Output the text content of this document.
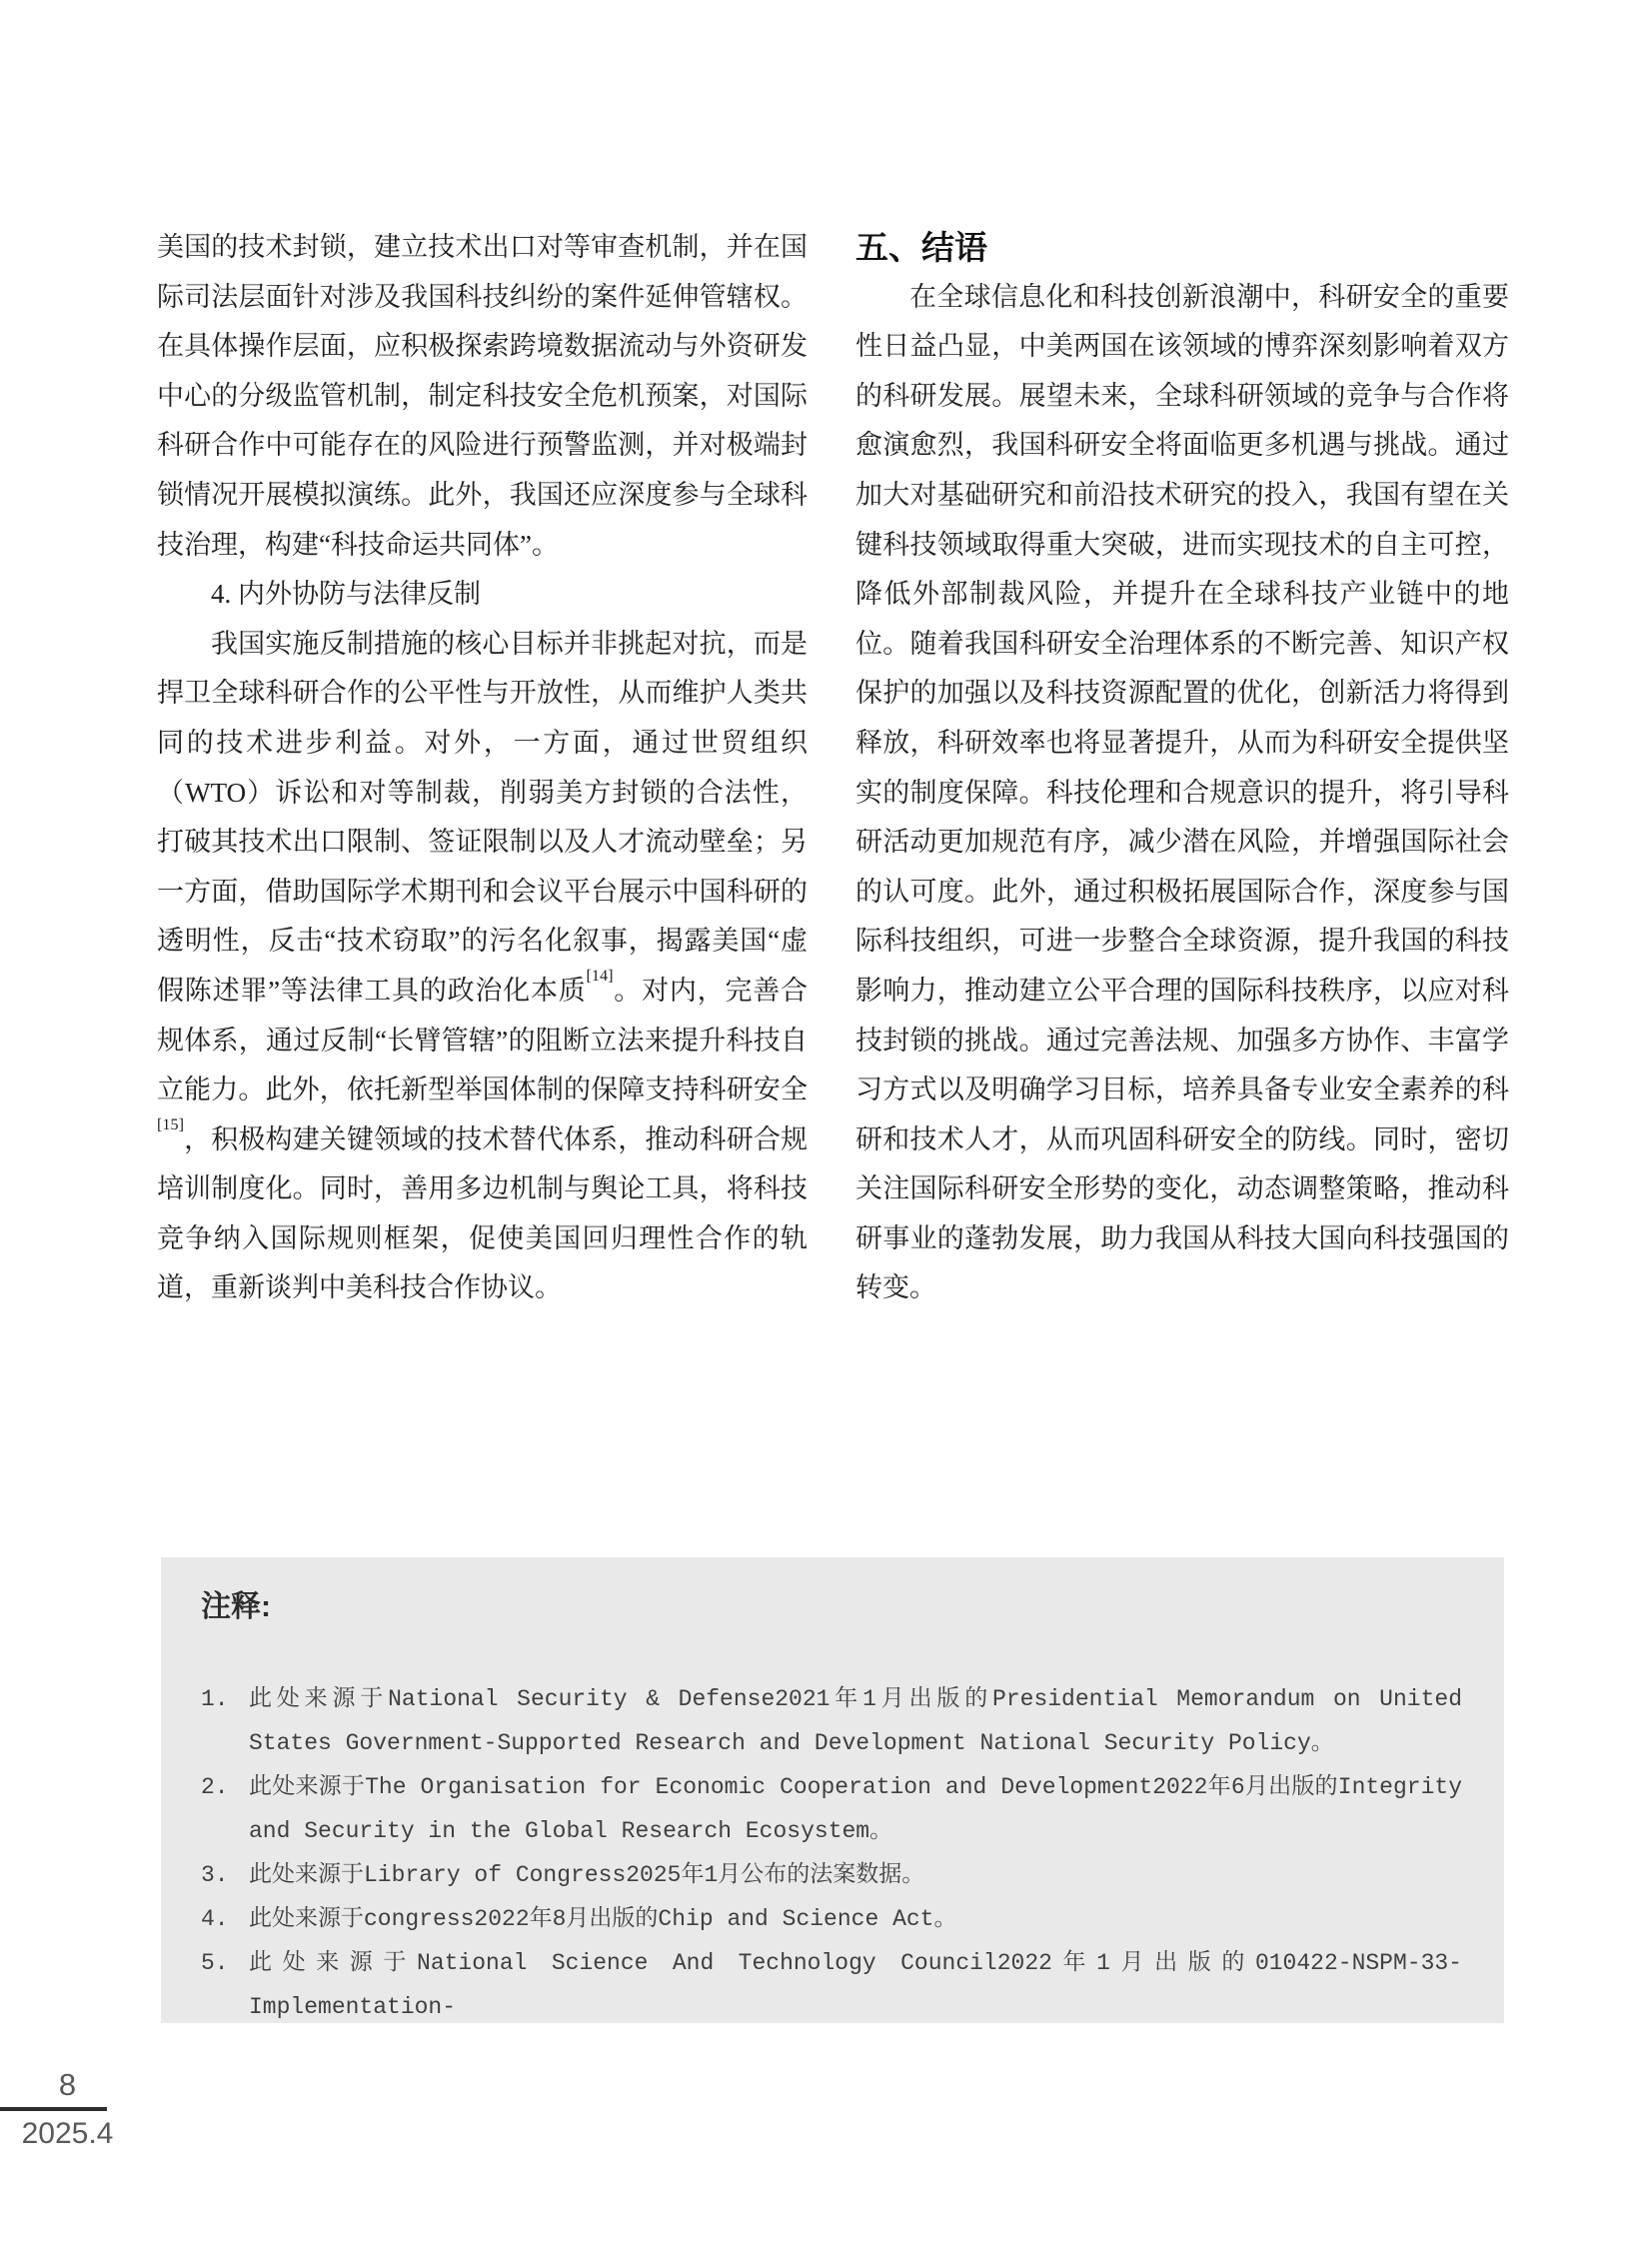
美国的技术封锁，建立技术出口对等审查机制，并在国际司法层面针对涉及我国科技纠纷的案件延伸管辖权。在具体操作层面，应积极探索跨境数据流动与外资研发中心的分级监管机制，制定科技安全危机预案，对国际科研合作中可能存在的风险进行预警监测，并对极端封锁情况开展模拟演练。此外，我国还应深度参与全球科技治理，构建“科技命运共同体”。

4. 内外协防与法律反制

我国实施反制措施的核心目标并非挑起对抗，而是捍卫全球科研合作的公平性与开放性，从而维护人类共同的技术进步利益。对外，一方面，通过世贸组织（WTO）诉讼和对等制裁，削弱美方封锁的合法性，打破其技术出口限制、签证限制以及人才流动壁垒；另一方面，借助国际学术期刊和会议平台展示中国科研的透明性，反击“技术窃取”的污名化叙事，揭露美国“虚假陈述罪”等法律工具的政治化本质[14]。对内，完善合规体系，通过反制“长臂管辖”的阻断立法来提升科技自立能力。此外，依托新型举国体制的保障支持科研安全[15]，积极构建关键领域的技术替代体系，推动科研合规培训制度化。同时，善用多边机制与舆论工具，将科技竞争纳入国际规则框架，促使美国回归理性合作的轨道，重新谈判中美科技合作协议。

五、结语

在全球信息化和科技创新浪潮中，科研安全的重要性日益凸显，中美两国在该领域的博弈深刻影响着双方的科研发展。展望未来，全球科研领域的竞争与合作将愈演愈烈，我国科研安全将面临更多机遇与挑战。通过加大对基础研究和前沿技术研究的投入，我国有望在关键科技领域取得重大突破，进而实现技术的自主可控，降低外部制裁风险，并提升在全球科技产业链中的地位。随着我国科研安全治理体系的不断完善、知识产权保护的加强以及科技资源配置的优化，创新活力将得到释放，科研效率也将显著提升，从而为科研安全提供坚实的制度保障。科技伦理和合规意识的提升，将引导科研活动更加规范有序，减少潜在风险，并增强国际社会的认可度。此外，通过积极拓展国际合作，深度参与国际科技组织，可进一步整合全球资源，提升我国的科技影响力，推动建立公平合理的国际科技秩序，以应对科技封锁的挑战。通过完善法规、加强多方协作、丰富学习方式以及明确学习目标，培养具备专业安全素养的科研和技术人才，从而巩固科研安全的防线。同时，密切关注国际科研安全形势的变化，动态调整策略，推动科研事业的蓬勃发展，助力我国从科技大国向科技强国的转变。

注释:
1. 此处来源于National Security & Defense2021年1月出版的Presidential Memorandum on United States Government-Supported Research and Development National Security Policy。
2. 此处来源于The Organisation for Economic Cooperation and Development2022年6月出版的Integrity and Security in the Global Research Ecosystem。
3. 此处来源于Library of Congress2025年1月公布的法案数据。
4. 此处来源于congress2022年8月出版的Chip and Science Act。
5. 此处来源于National Science And Technology Council2022年1月出版的010422-NSPM-33-Implementation-
8
2025.4
